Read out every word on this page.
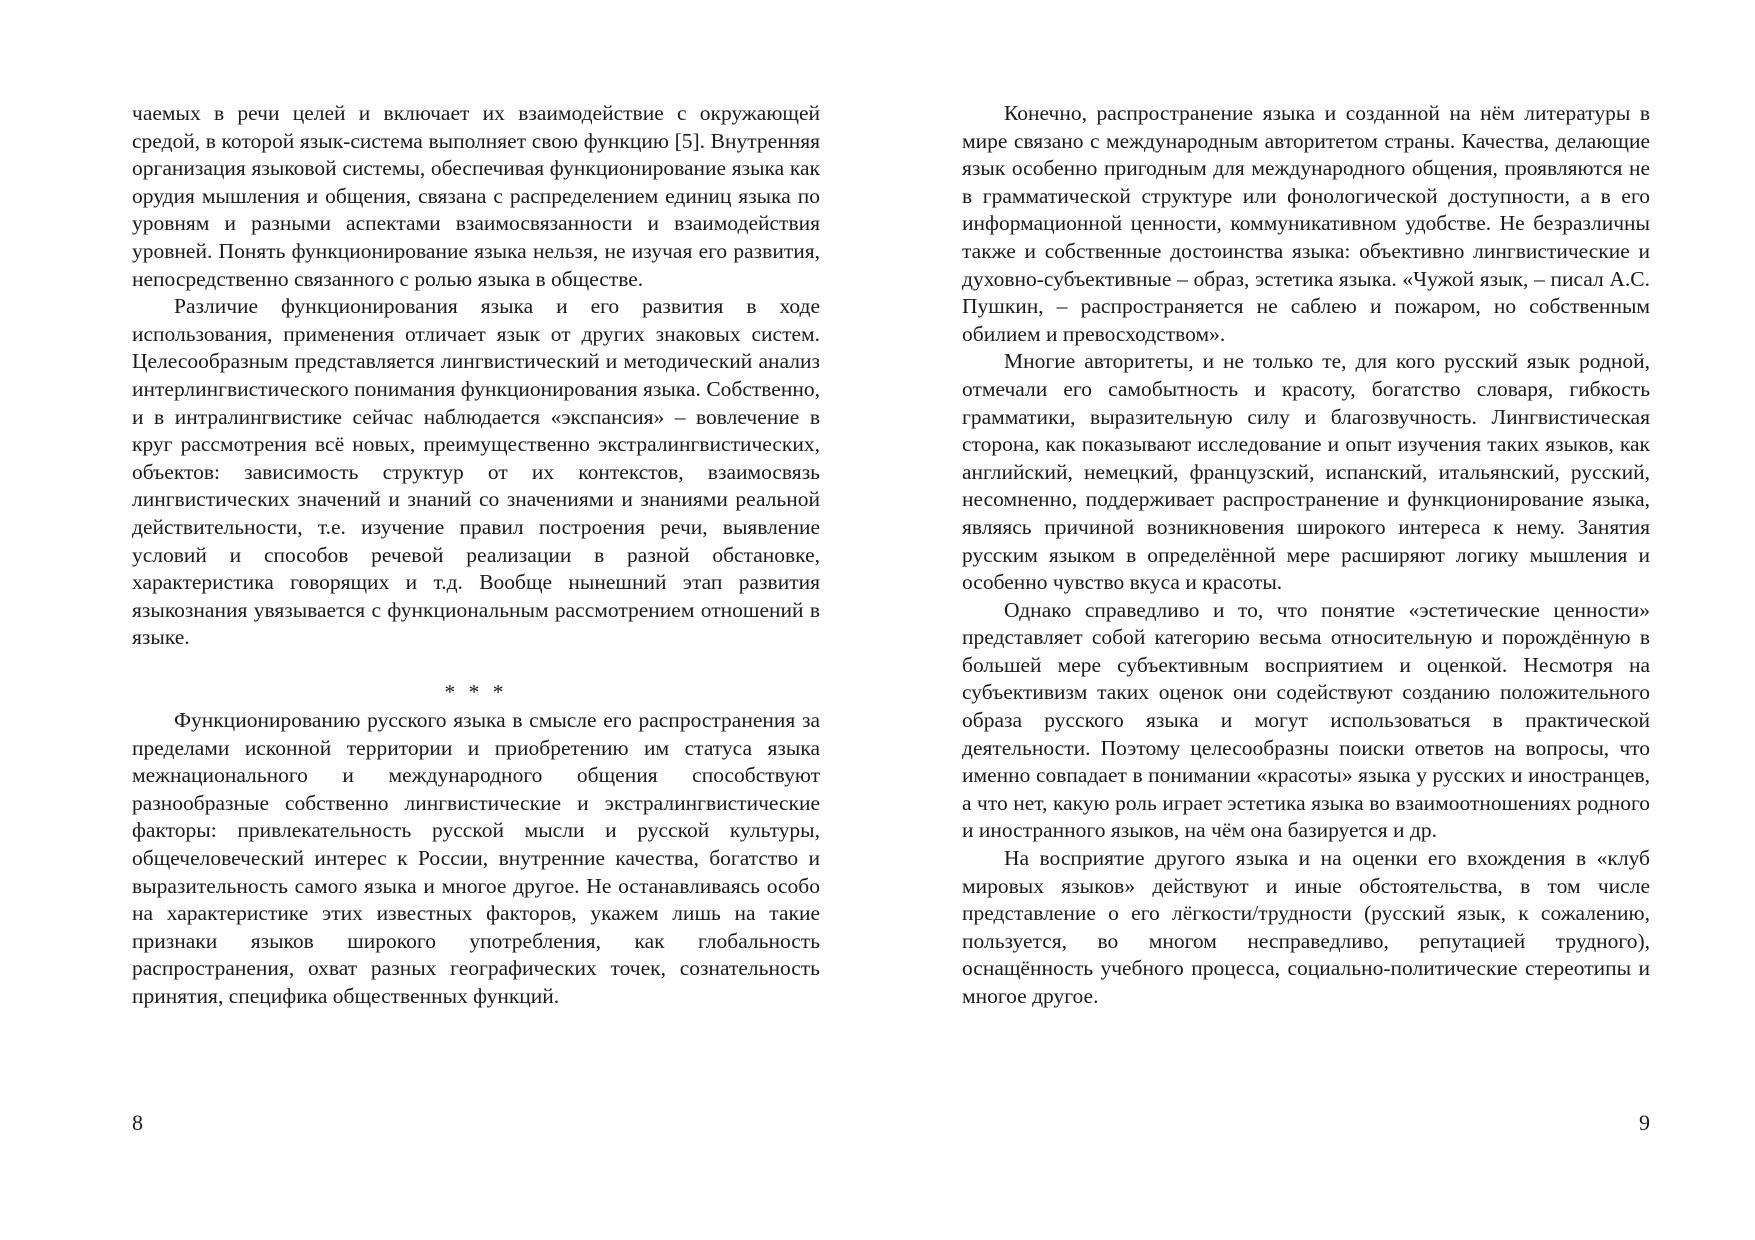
чаемых в речи целей и включает их взаимодействие с окружающей средой, в которой язык-система выполняет свою функцию [5]. Внутренняя организация языковой системы, обеспечивая функционирование языка как орудия мышления и общения, связана с распределением единиц языка по уровням и разными аспектами взаимосвязанности и взаимодействия уровней. Понять функционирование языка нельзя, не изучая его развития, непосредственно связанного с ролью языка в обществе.

Различие функционирования языка и его развития в ходе использования, применения отличает язык от других знаковых систем. Целесообразным представляется лингвистический и методический анализ интерлингвистического понимания функционирования языка. Собственно, и в интралингвистике сейчас наблюдается «экспансия» – вовлечение в круг рассмотрения всё новых, преимущественно экстралингвистических, объектов: зависимость структур от их контекстов, взаимосвязь лингвистических значений и знаний со значениями и знаниями реальной действительности, т.е. изучение правил построения речи, выявление условий и способов речевой реализации в разной обстановке, характеристика говорящих и т.д. Вообще нынешний этап развития языкознания увязывается с функциональным рассмотрением отношений в языке.

* * *

Функционированию русского языка в смысле его распространения за пределами исконной территории и приобретению им статуса языка межнационального и международного общения способствуют разнообразные собственно лингвистические и экстралингвистические факторы: привлекательность русской мысли и русской культуры, общечеловеческий интерес к России, внутренние качества, богатство и выразительность самого языка и многое другое. Не останавливаясь особо на характеристике этих известных факторов, укажем лишь на такие признаки языков широкого употребления, как глобальность распространения, охват разных географических точек, сознательность принятия, специфика общественных функций.

8

Конечно, распространение языка и созданной на нём литературы в мире связано с международным авторитетом страны. Качества, делающие язык особенно пригодным для международного общения, проявляются не в грамматической структуре или фонологической доступности, а в его информационной ценности, коммуникативном удобстве. Не безразличны также и собственные достоинства языка: объективно лингвистические и духовно-субъективные – образ, эстетика языка. «Чужой язык, – писал А.С. Пушкин, – распространяется не саблею и пожаром, но собственным обилием и превосходством».

Многие авторитеты, и не только те, для кого русский язык родной, отмечали его самобытность и красоту, богатство словаря, гибкость грамматики, выразительную силу и благозвучность. Лингвистическая сторона, как показывают исследование и опыт изучения таких языков, как английский, немецкий, французский, испанский, итальянский, русский, несомненно, поддерживает распространение и функционирование языка, являясь причиной возникновения широкого интереса к нему. Занятия русским языком в определённой мере расширяют логику мышления и особенно чувство вкуса и красоты.

Однако справедливо и то, что понятие «эстетические ценности» представляет собой категорию весьма относительную и порождённую в большей мере субъективным восприятием и оценкой. Несмотря на субъективизм таких оценок они содействуют созданию положительного образа русского языка и могут использоваться в практической деятельности. Поэтому целесообразны поиски ответов на вопросы, что именно совпадает в понимании «красоты» языка у русских и иностранцев, а что нет, какую роль играет эстетика языка во взаимоотношениях родного и иностранного языков, на чём она базируется и др.

На восприятие другого языка и на оценки его вхождения в «клуб мировых языков» действуют и иные обстоятельства, в том числе представление о его лёгкости/трудности (русский язык, к сожалению, пользуется, во многом несправедливо, репутацией трудного), оснащённость учебного процесса, социально-политические стереотипы и многое другое.

9
